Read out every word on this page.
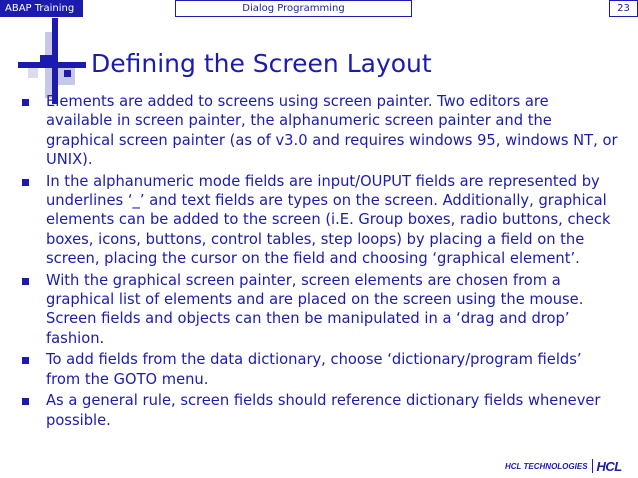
ABAP Training	Dialog Programming	23
Defining the Screen Layout
Elements are added to screens using screen painter. Two editors are available in screen painter, the alphanumeric screen painter and the graphical screen painter (as of v3.0 and requires windows 95, windows NT, or UNIX).
In the alphanumeric mode fields are input/OUPUT fields are represented by underlines ‘_’ and text fields are types on the screen. Additionally, graphical elements can be added to the screen (i.E. Group boxes, radio buttons, check boxes, icons, buttons, control tables, step loops) by placing a field on the screen, placing the cursor on the field and choosing ‘graphical element’.
With the graphical screen painter, screen elements are chosen from a graphical list of elements and are placed on the screen using the mouse. Screen fields and objects can then be manipulated in a ‘drag and drop’ fashion.
To add fields from the data dictionary, choose ‘dictionary/program fields’ from the GOTO menu.
As a general rule, screen fields should reference dictionary fields whenever possible.
HCL TECHNOLOGIES HCL
